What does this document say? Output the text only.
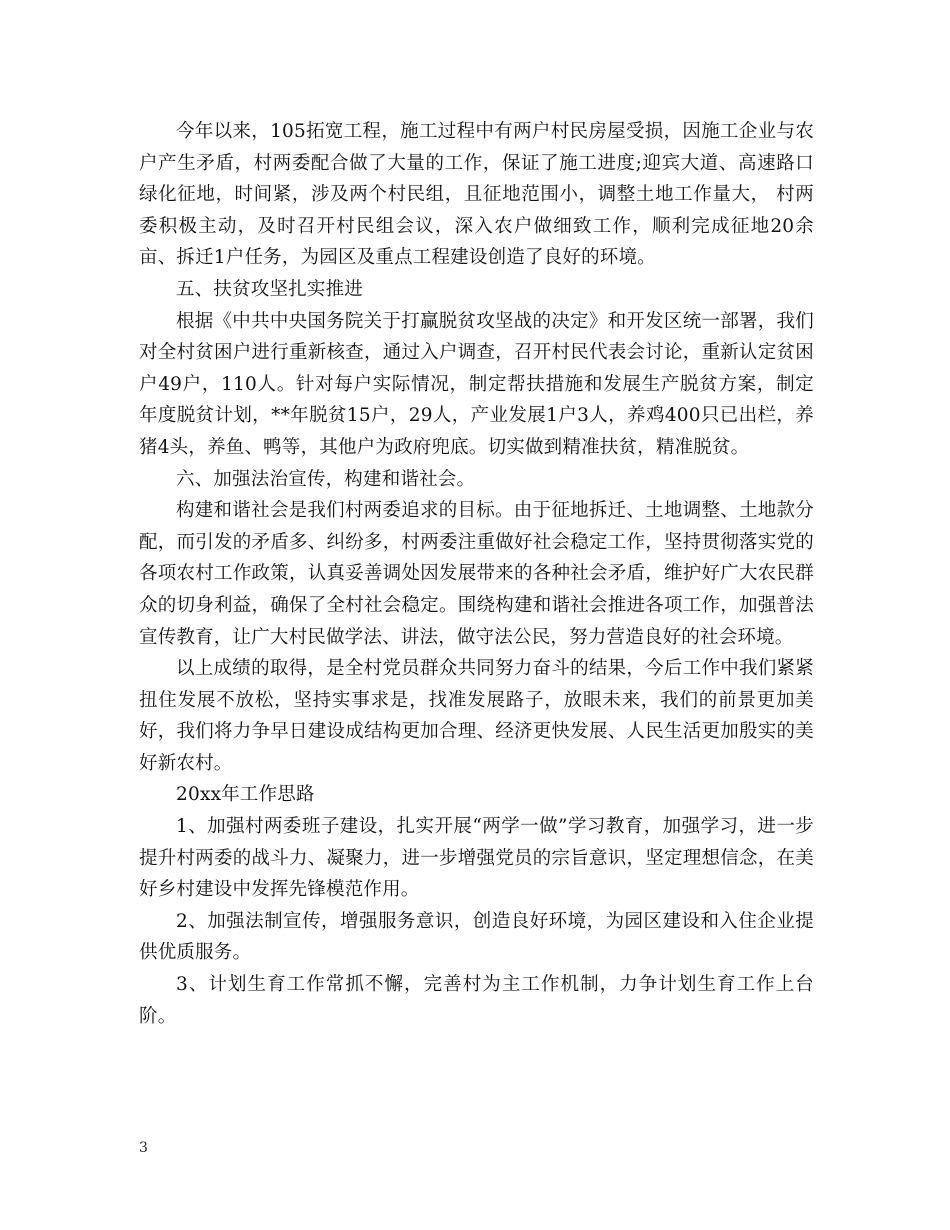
今年以来，105拓宽工程，施工过程中有两户村民房屋受损，因施工企业与农户产生矛盾，村两委配合做了大量的工作，保证了施工进度;迎宾大道、高速路口绿化征地，时间紧，涉及两个村民组，且征地范围小，调整土地工作量大， 村两委积极主动，及时召开村民组会议，深入农户做细致工作，顺利完成征地20余亩、拆迁1户任务，为园区及重点工程建设创造了良好的环境。

五、扶贫攻坚扎实推进

根据《中共中央国务院关于打赢脱贫攻坚战的决定》和开发区统一部署，我们对全村贫困户进行重新核查，通过入户调查，召开村民代表会讨论，重新认定贫困户49户，110人。针对每户实际情况，制定帮扶措施和发展生产脱贫方案，制定年度脱贫计划，**年脱贫15户，29人，产业发展1户3人，养鸡400只已出栏，养猪4头，养鱼、鸭等，其他户为政府兜底。切实做到精准扶贫，精准脱贫。

六、加强法治宣传，构建和谐社会。

构建和谐社会是我们村两委追求的目标。由于征地拆迁、土地调整、土地款分配，而引发的矛盾多、纠纷多，村两委注重做好社会稳定工作，坚持贯彻落实党的各项农村工作政策，认真妥善调处因发展带来的各种社会矛盾，维护好广大农民群众的切身利益，确保了全村社会稳定。围绕构建和谐社会推进各项工作，加强普法宣传教育，让广大村民做学法、讲法，做守法公民，努力营造良好的社会环境。

以上成绩的取得，是全村党员群众共同努力奋斗的结果，今后工作中我们紧紧扭住发展不放松，坚持实事求是，找准发展路子，放眼未来，我们的前景更加美好，我们将力争早日建设成结构更加合理、经济更快发展、人民生活更加殷实的美好新农村。

20xx年工作思路

1、加强村两委班子建设，扎实开展“两学一做”学习教育，加强学习，进一步提升村两委的战斗力、凝聚力，进一步增强党员的宗旨意识，坚定理想信念，在美好乡村建设中发挥先锋模范作用。

2、加强法制宣传，增强服务意识，创造良好环境，为园区建设和入住企业提供优质服务。

3、计划生育工作常抓不懈，完善村为主工作机制，力争计划生育工作上台阶。

3
